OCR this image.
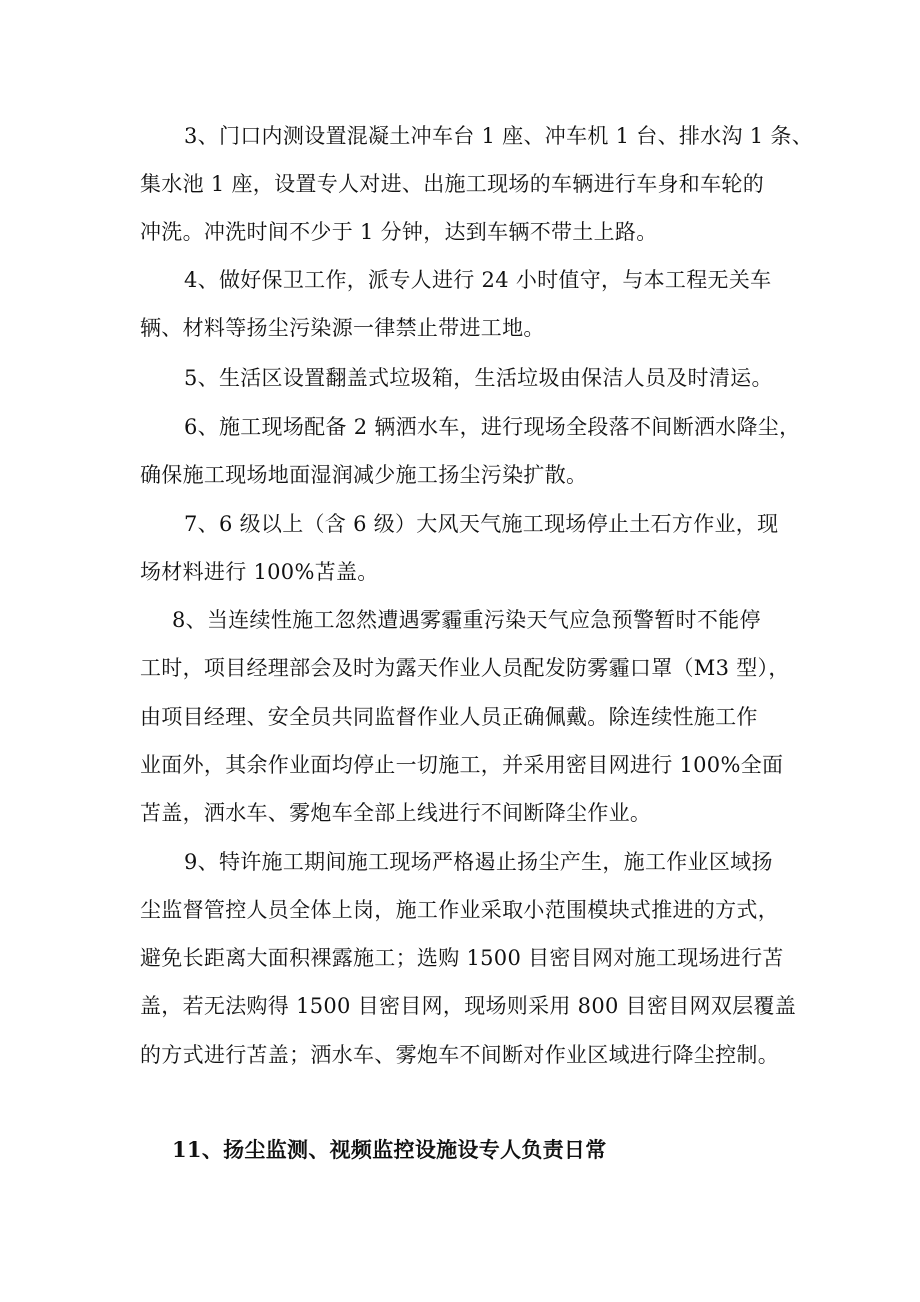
3、门口内测设置混凝土冲车台 1 座、冲车机 1 台、排水沟 1 条、
集水池 1 座，设置专人对进、出施工现场的车辆进行车身和车轮的
冲洗。冲洗时间不少于 1 分钟，达到车辆不带土上路。
4、做好保卫工作，派专人进行 24 小时值守，与本工程无关车
辆、材料等扬尘污染源一律禁止带进工地。
5、生活区设置翻盖式垃圾箱，生活垃圾由保洁人员及时清运。
6、施工现场配备 2 辆洒水车，进行现场全段落不间断洒水降尘，
确保施工现场地面湿润减少施工扬尘污染扩散。
7、6 级以上（含 6 级）大风天气施工现场停止土石方作业，现
场材料进行 100%苫盖。
8、当连续性施工忽然遭遇雾霾重污染天气应急预警暂时不能停
工时，项目经理部会及时为露天作业人员配发防雾霾口罩（M3 型），
由项目经理、安全员共同监督作业人员正确佩戴。除连续性施工作
业面外，其余作业面均停止一切施工，并采用密目网进行 100%全面
苫盖，洒水车、雾炮车全部上线进行不间断降尘作业。
9、特许施工期间施工现场严格遏止扬尘产生，施工作业区域扬
尘监督管控人员全体上岗，施工作业采取小范围模块式推进的方式，
避免长距离大面积裸露施工；选购 1500 目密目网对施工现场进行苫
盖，若无法购得 1500 目密目网，现场则采用 800 目密目网双层覆盖
的方式进行苫盖；洒水车、雾炮车不间断对作业区域进行降尘控制。
11、扬尘监测、视频监控设施设专人负责日常
